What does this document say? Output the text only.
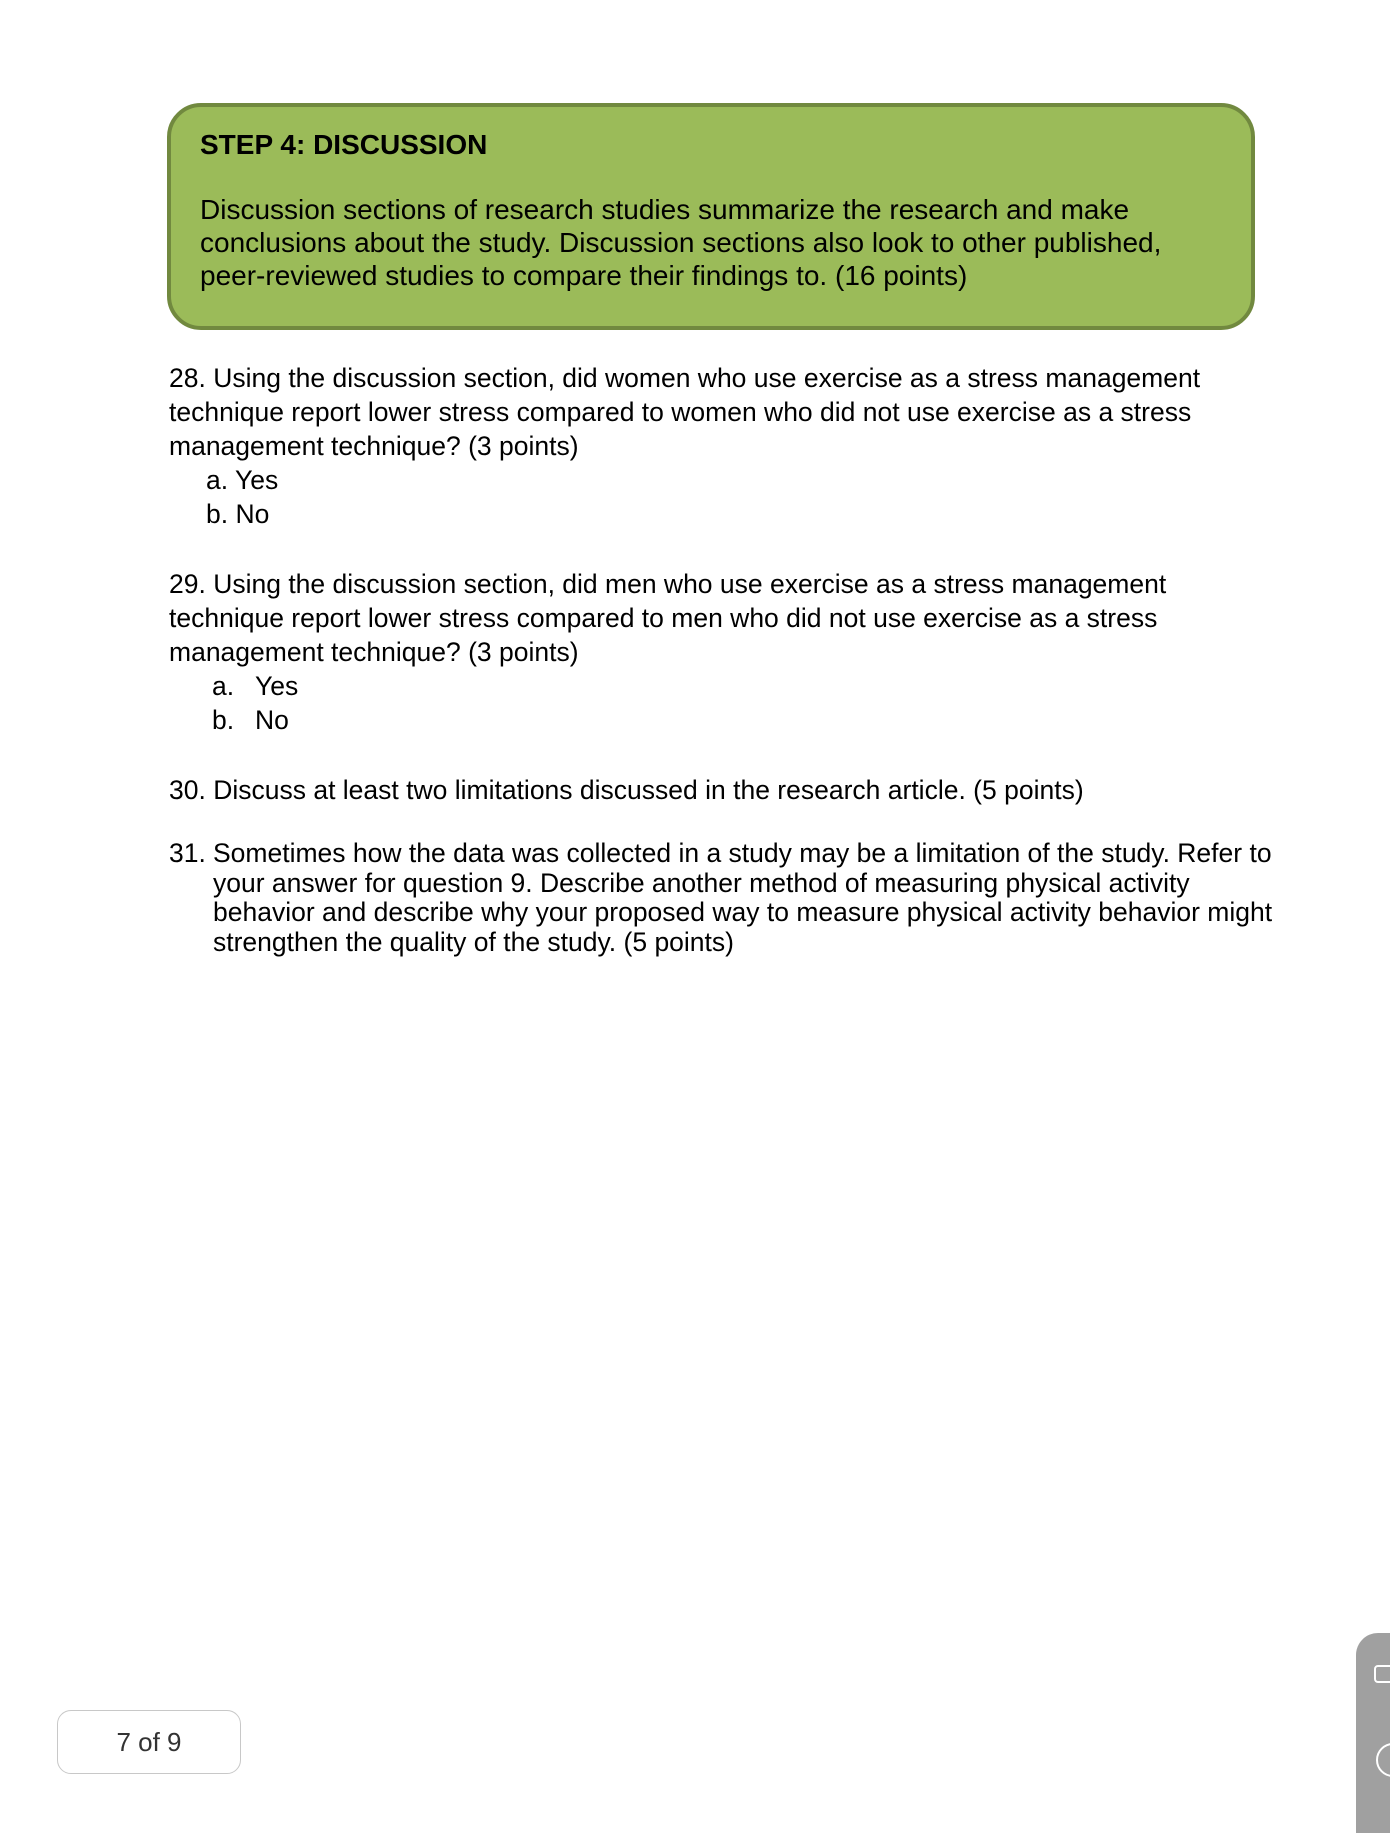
STEP 4: DISCUSSION

Discussion sections of research studies summarize the research and make conclusions about the study. Discussion sections also look to other published, peer-reviewed studies to compare their findings to. (16 points)

28. Using the discussion section, did women who use exercise as a stress management technique report lower stress compared to women who did not use exercise as a stress management technique? (3 points)

a. Yes
b. No

29. Using the discussion section, did men who use exercise as a stress management technique report lower stress compared to men who did not use exercise as a stress management technique? (3 points)

a. Yes
b. No

30. Discuss at least two limitations discussed in the research article. (5 points)

31. Sometimes how the data was collected in a study may be a limitation of the study. Refer to your answer for question 9. Describe another method of measuring physical activity behavior and describe why your proposed way to measure physical activity behavior might strengthen the quality of the study. (5 points)
7 of 9
